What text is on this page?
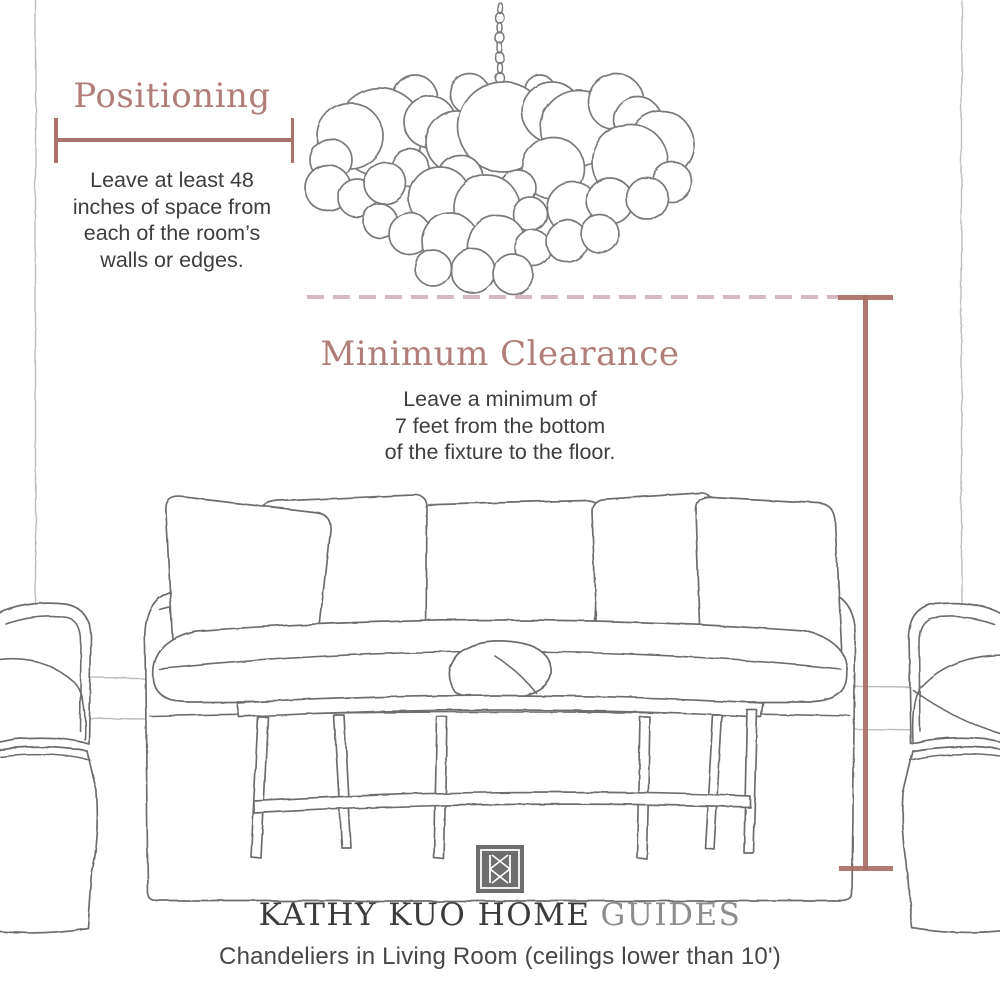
Positioning
Leave at least 48
inches of space from
each of the room’s
walls or edges.
Minimum Clearance
Leave a minimum of
7 feet from the bottom
of the fixture to the floor.
KATHY KUO HOME GUIDES
Chandeliers in Living Room (ceilings lower than 10')
